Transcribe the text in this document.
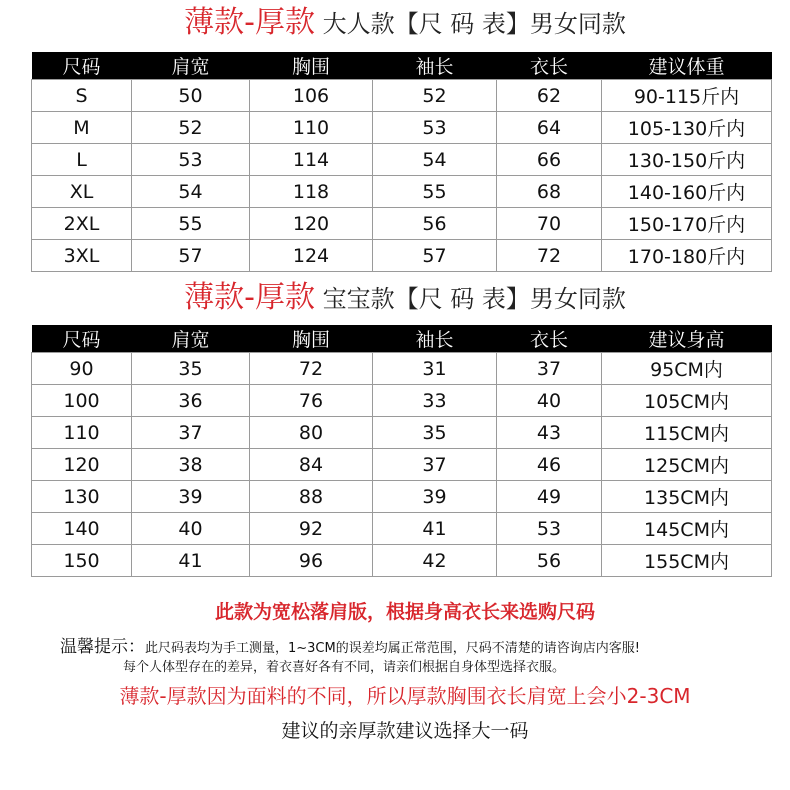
薄款-厚款 大人款【尺 码 表】男女同款
尺码	肩宽	胸围	袖长	衣长	建议体重
S	50	106	52	62	90-115斤内
M	52	110	53	64	105-130斤内
L	53	114	54	66	130-150斤内
XL	54	118	55	68	140-160斤内
2XL	55	120	56	70	150-170斤内
3XL	57	124	57	72	170-180斤内
薄款-厚款 宝宝款【尺 码 表】男女同款
尺码	肩宽	胸围	袖长	衣长	建议身高
90	35	72	31	37	95CM内
100	36	76	33	40	105CM内
110	37	80	35	43	115CM内
120	38	84	37	46	125CM内
130	39	88	39	49	135CM内
140	40	92	41	53	145CM内
150	41	96	42	56	155CM内
此款为宽松落肩版，根据身高衣长来选购尺码
温馨提示：此尺码表均为手工测量，1~3CM的误差均属正常范围，尺码不清楚的请咨询店内客服!
每个人体型存在的差异，着衣喜好各有不同，请亲们根据自身体型选择衣服。
薄款-厚款因为面料的不同，所以厚款胸围衣长肩宽上会小2-3CM
建议的亲厚款建议选择大一码
